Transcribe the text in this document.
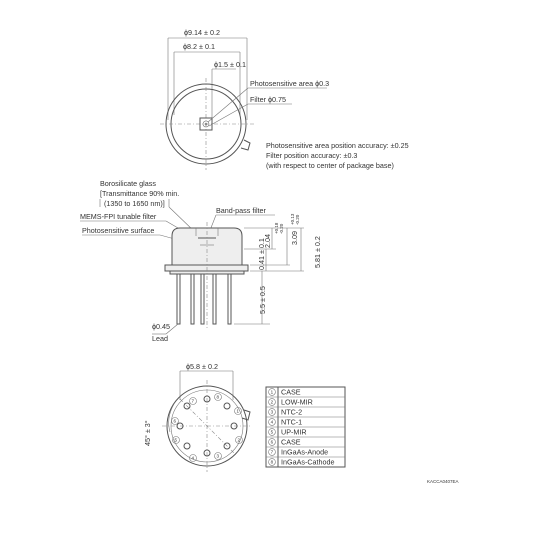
ϕ9.14 ± 0.2
ϕ8.2 ± 0.1
ϕ1.5 ± 0.1
Photosensitive area ϕ0.3
Filter ϕ0.75
Photosensitive area position accuracy: ±0.25
Filter position accuracy: ±0.3
(with respect to center of package base)
Borosilicate glass
[Transmittance 90% min.
(1350 to 1650 nm)]
MEMS-FPI tunable filter
Band-pass filter
Photosensitive surface
2.04
+0.18 -0.20
3.09
+0.13 -0.20
0.41 ± 0.1	5.81 ± 0.2
5.5 ± 0.5
ϕ0.45
Lead
ϕ5.8 ± 0.2
45° ± 3°	6
7
8
1
2
3
4
5
1 CASE
2 LOW-MIR
3 NTC-2
4 NTC-1
5 UP-MIR
6 CASE
7 InGaAs-Anode
8 InGaAs-Cathode
KACCA0407EA
